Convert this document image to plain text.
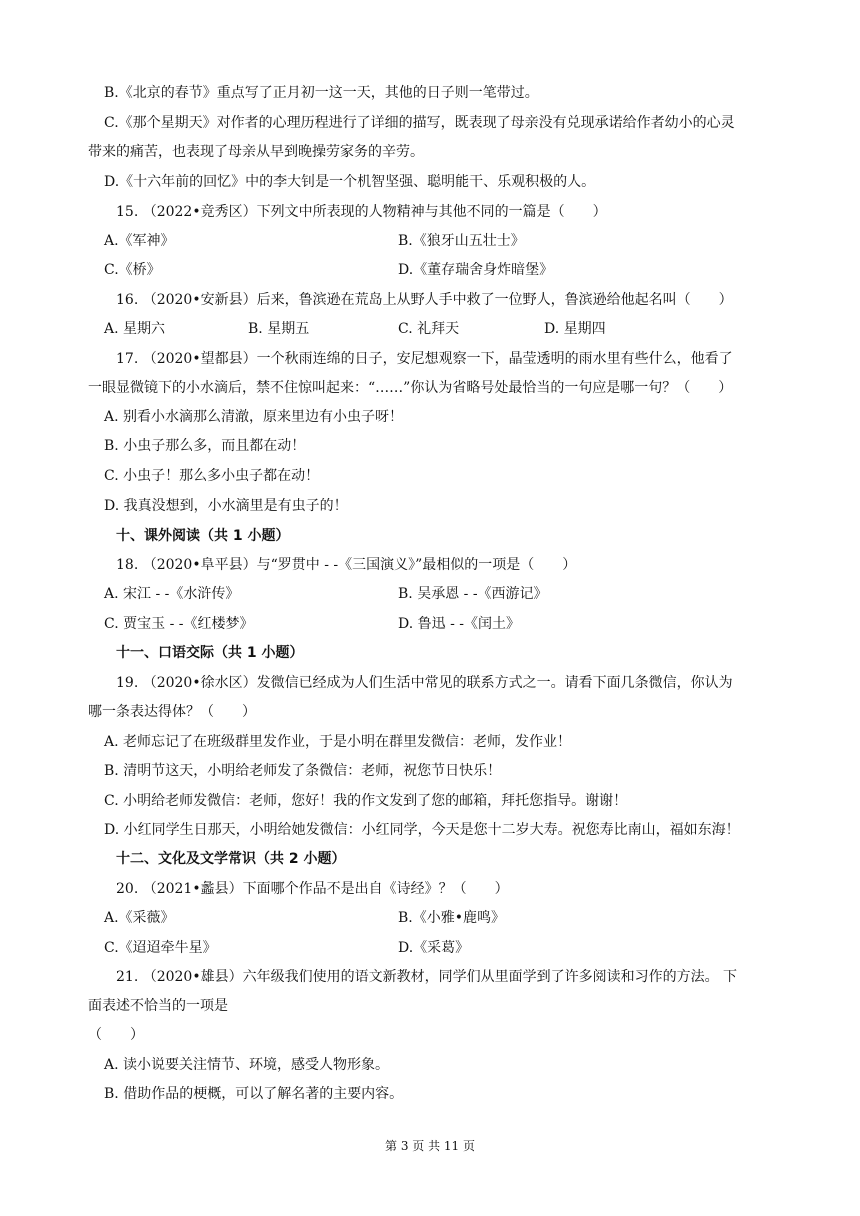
B.《北京的春节》重点写了正月初一这一天，其他的日子则一笔带过。
C.《那个星期天》对作者的心理历程进行了详细的描写，既表现了母亲没有兑现承诺给作者幼小的心灵
带来的痛苦，也表现了母亲从早到晚操劳家务的辛劳。
D.《十六年前的回忆》中的李大钊是一个机智坚强、聪明能干、乐观积极的人。
15. （2022•竞秀区）下列文中所表现的人物精神与其他不同的一篇是（　　）
A.《军神》	B.《狼牙山五壮士》
C.《桥》	D.《董存瑞舍身炸暗堡》
16. （2020•安新县）后来，鲁滨逊在荒岛上从野人手中救了一位野人，鲁滨逊给他起名叫（　　）
A. 星期六	B. 星期五	C. 礼拜天	D. 星期四
17. （2020•望都县）一个秋雨连绵的日子，安尼想观察一下，晶莹透明的雨水里有些什么，他看了
一眼显微镜下的小水滴后，禁不住惊叫起来：“……”你认为省略号处最恰当的一句应是哪一句？（　　）
A. 别看小水滴那么清澈，原来里边有小虫子呀！
B. 小虫子那么多，而且都在动！
C. 小虫子！那么多小虫子都在动！
D. 我真没想到，小水滴里是有虫子的！
十、课外阅读（共 1 小题）
18. （2020•阜平县）与“罗贯中 - -《三国演义》”最相似的一项是（　　）
A. 宋江 - -《水浒传》	B. 吴承恩 - -《西游记》
C. 贾宝玉 - -《红楼梦》	D. 鲁迅 - -《闰土》
十一、口语交际（共 1 小题）
19. （2020•徐水区）发微信已经成为人们生活中常见的联系方式之一。请看下面几条微信，你认为
哪一条表达得体？（　　）
A. 老师忘记了在班级群里发作业，于是小明在群里发微信：老师，发作业！
B. 清明节这天，小明给老师发了条微信：老师，祝您节日快乐！
C. 小明给老师发微信：老师，您好！我的作文发到了您的邮箱，拜托您指导。谢谢！
D. 小红同学生日那天，小明给她发微信：小红同学，今天是您十二岁大寿。祝您寿比南山，福如东海！
十二、文化及文学常识（共 2 小题）
20. （2021•蠡县）下面哪个作品不是出自《诗经》？（　　）
A.《采薇》	B.《小雅•鹿鸣》
C.《迢迢牵牛星》	D.《采葛》
21. （2020•雄县）六年级我们使用的语文新教材，同学们从里面学到了许多阅读和习作的方法。 下
面表述不恰当的一项是
（　　）
A. 读小说要关注情节、环境，感受人物形象。
B. 借助作品的梗概，可以了解名著的主要内容。
第 3 页 共 11 页
